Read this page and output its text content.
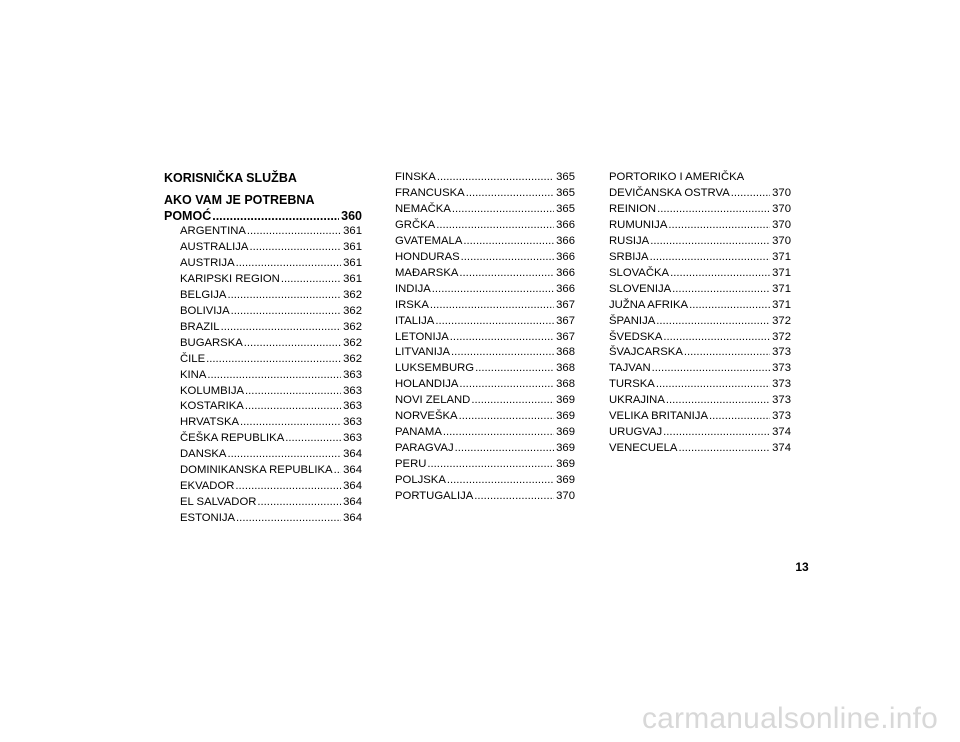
KORISNIČKA SLUŽBA
AKO VAM JE POTREBNA
POMOĆ .....	360
ARGENTINA .....	361
AUSTRALIJA .....	361
AUSTRIJA .....	361
KARIPSKI REGION .....	361
BELGIJA .....	362
BOLIVIJA .....	362
BRAZIL .....	362
BUGARSKA .....	362
ČILE .....	362
KINA .....	363
KOLUMBIJA .....	363
KOSTARIKA .....	363
HRVATSKA .....	363
ČEŠKA REPUBLIKA .....	363
DANSKA .....	364
DOMINIKANSKA REPUBLIKA ..... 364
EKVADOR .....	364
EL SALVADOR .....	364
ESTONIJA .....	364
FINSKA .....	365
FRANCUSKA .....	365
NEMAČKA .....	365
GRČKA .....	366
GVATEMALA .....	366
HONDURAS .....	366
MAĐARSKA .....	366
INDIJA .....	366
IRSKA .....	367
ITALIJA .....	367
LETONIJA .....	367
LITVANIJA .....	368
LUKSEMBURG .....	368
HOLANDIJA .....	368
NOVI ZELAND .....	369
NORVEŠKA .....	369
PANAMA .....	369
PARAGVAJ .....	369
PERU .....	369
POLJSKA .....	369
PORTUGALIJA .....	370
PORTORIKO I AMERIČKA
DEVIČANSKA OSTRVA .....	370
REINION .....	370
RUMUNIJA .....	370
RUSIJA .....	370
SRBIJA .....	371
SLOVAČKA .....	371
SLOVENIJA .....	371
JUŽNA AFRIKA .....	371
ŠPANIJA .....	372
ŠVEDSKA .....	372
ŠVAJCARSKA .....	373
TAJVAN .....	373
TURSKA .....	373
UKRAJINA .....	373
VELIKA BRITANIJA .....	373
URUGVAJ .....	374
VENECUELA .....	374
13
carmanualsonline.info
